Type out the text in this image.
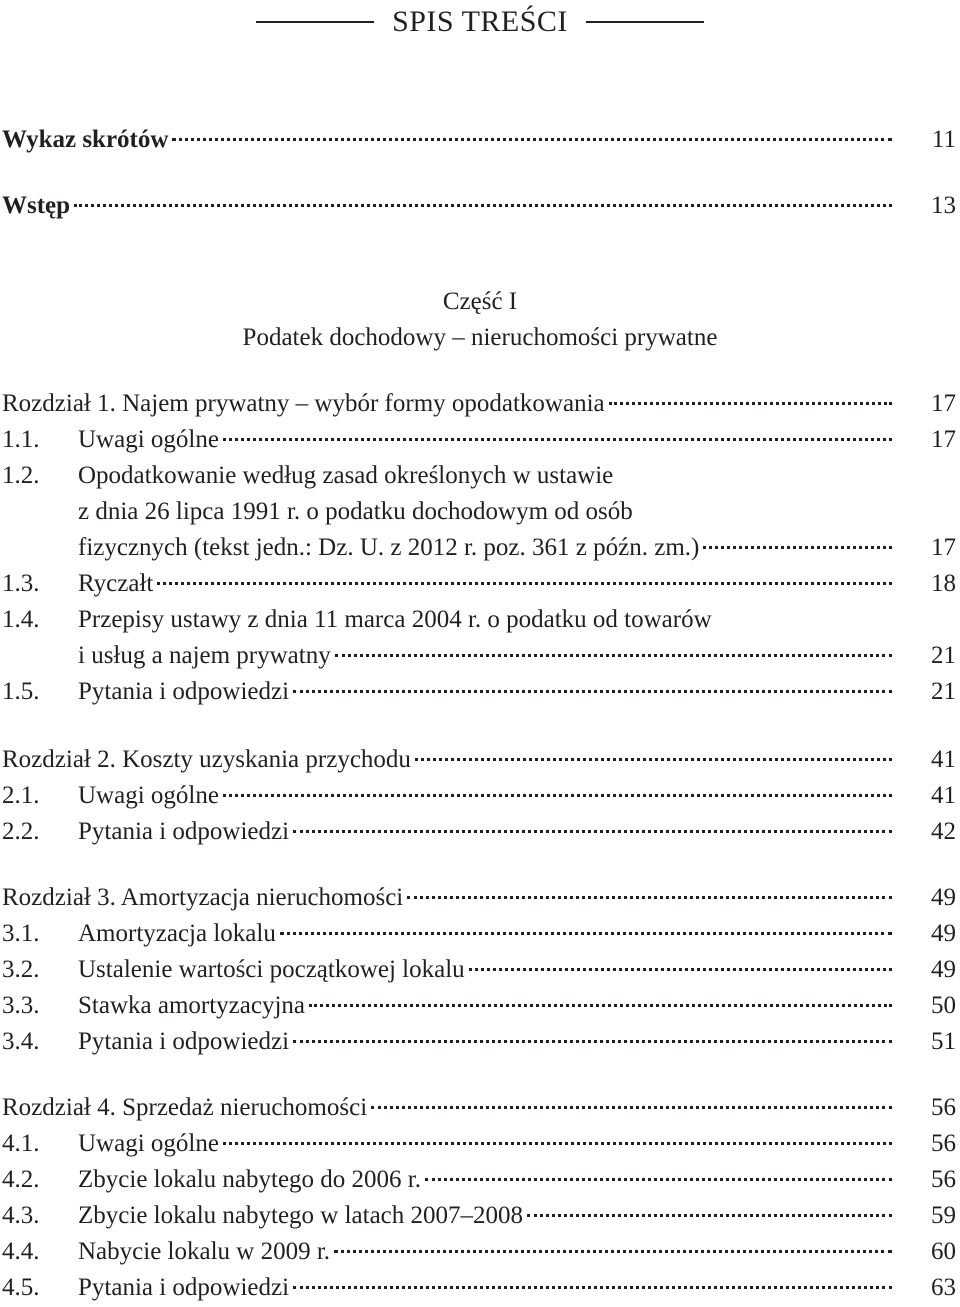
SPIS TREŚCI
Wykaz skrótów	11
Wstęp	13
Część I
Podatek dochodowy – nieruchomości prywatne
Rozdział 1. Najem prywatny – wybór formy opodatkowania	17
1.1.	Uwagi ogólne	17
1.2.	Opodatkowanie według zasad określonych w ustawie
z dnia 26 lipca 1991 r. o podatku dochodowym od osób
fizycznych (tekst jedn.: Dz. U. z 2012 r. poz. 361 z późn. zm.)	17
1.3.	Ryczałt	18
1.4.	Przepisy ustawy z dnia 11 marca 2004 r. o podatku od towarów
i usług a najem prywatny	21
1.5.	Pytania i odpowiedzi	21
Rozdział 2. Koszty uzyskania przychodu	41
2.1.	Uwagi ogólne	41
2.2.	Pytania i odpowiedzi	42
Rozdział 3. Amortyzacja nieruchomości	49
3.1.	Amortyzacja lokalu	49
3.2.	Ustalenie wartości początkowej lokalu	49
3.3.	Stawka amortyzacyjna	50
3.4.	Pytania i odpowiedzi	51
Rozdział 4. Sprzedaż nieruchomości	56
4.1.	Uwagi ogólne	56
4.2.	Zbycie lokalu nabytego do 2006 r.	56
4.3.	Zbycie lokalu nabytego w latach 2007–2008	59
4.4.	Nabycie lokalu w 2009 r.	60
4.5.	Pytania i odpowiedzi	63
